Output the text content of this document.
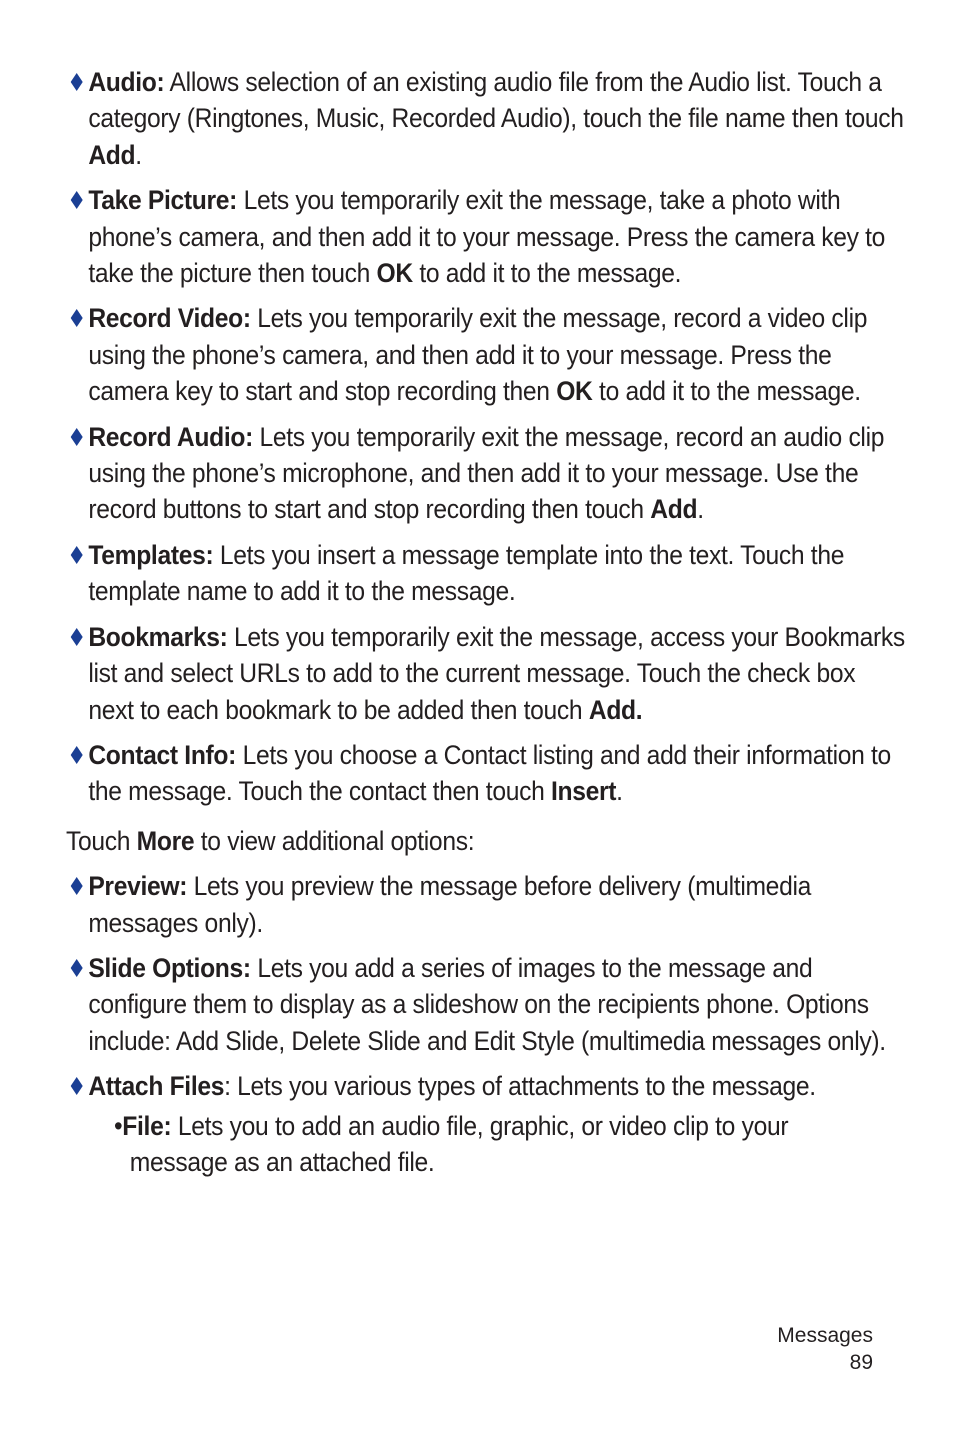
Audio: Allows selection of an existing audio file from the Audio list. Touch a category (Ringtones, Music, Recorded Audio), touch the file name then touch Add.
Take Picture: Lets you temporarily exit the message, take a photo with phone’s camera, and then add it to your message. Press the camera key to take the picture then touch OK to add it to the message.
Record Video: Lets you temporarily exit the message, record a video clip using the phone’s camera, and then add it to your message. Press the camera key to start and stop recording then OK to add it to the message.
Record Audio: Lets you temporarily exit the message, record an audio clip using the phone’s microphone, and then add it to your message. Use the record buttons to start and stop recording then touch Add.
Templates: Lets you insert a message template into the text. Touch the template name to add it to the message.
Bookmarks: Lets you temporarily exit the message, access your Bookmarks list and select URLs to add to the current message. Touch the check box next to each bookmark to be added then touch Add.
Contact Info: Lets you choose a Contact listing and add their information to the message. Touch the contact then touch Insert.
Touch More to view additional options:
Preview: Lets you preview the message before delivery (multimedia messages only).
Slide Options: Lets you add a series of images to the message and configure them to display as a slideshow on the recipients phone. Options include: Add Slide, Delete Slide and Edit Style (multimedia messages only).
Attach Files: Lets you various types of attachments to the message.
•File: Lets you to add an audio file, graphic, or video clip to your message as an attached file.
Messages
89
